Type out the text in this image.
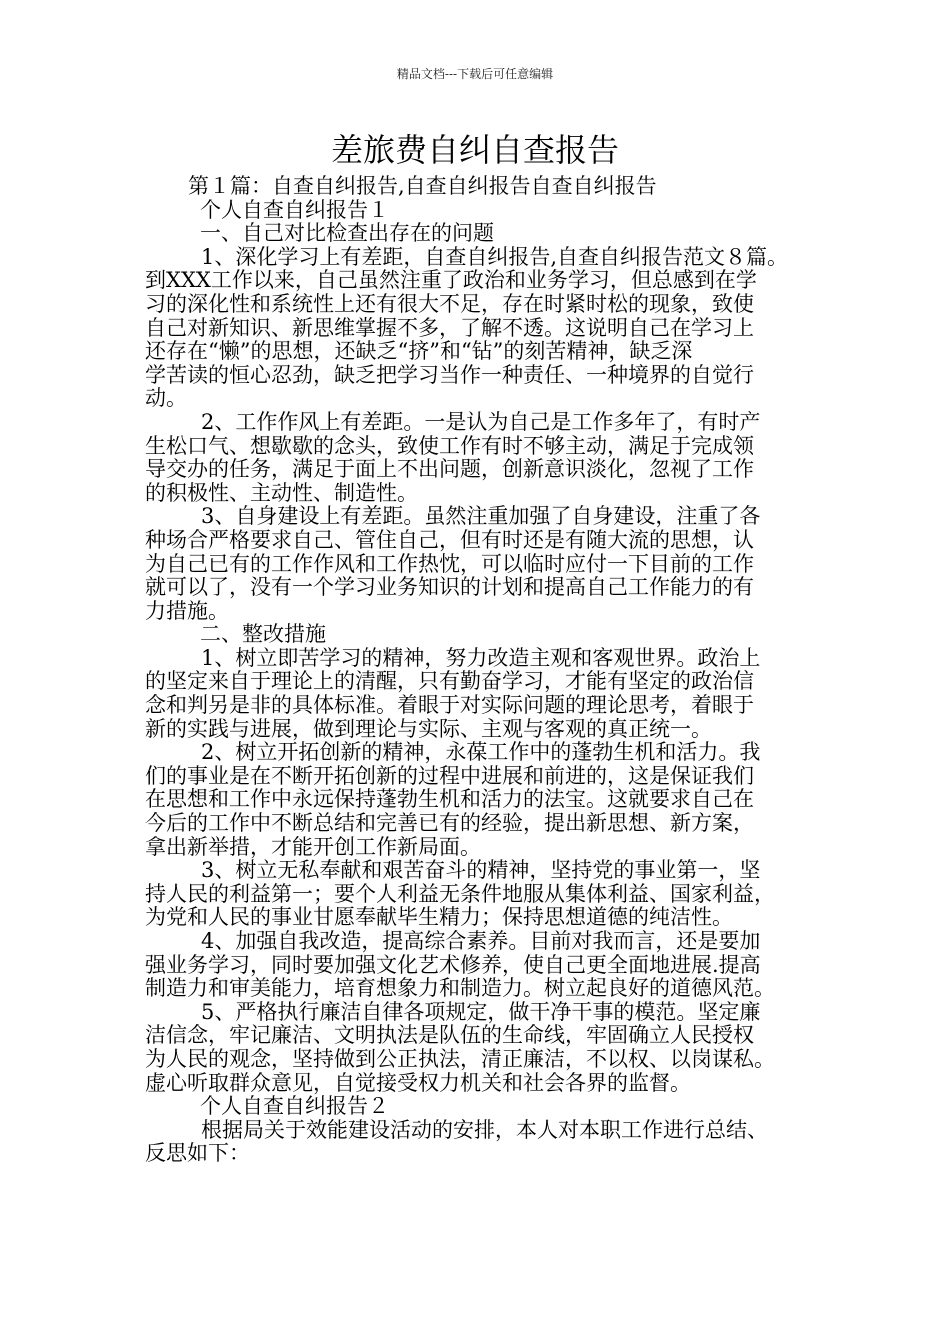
精品文档---下载后可任意编辑
差旅费自纠自查报告

第１篇：自查自纠报告,自查自纠报告自查自纠报告

个人自查自纠报告１

一、自己对比检查出存在的问题

1、深化学习上有差距，自查自纠报告,自查自纠报告范文８篇。

到XXX工作以来，自己虽然注重了政治和业务学习，但总感到在学

习的深化性和系统性上还有很大不足，存在时紧时松的现象，致使

自己对新知识、新思维掌握不多，了解不透。这说明自己在学习上

还存在“懒”的思想，还缺乏“挤”和“钻”的刻苦精神，缺乏深

学苦读的恒心忍劲，缺乏把学习当作一种责任、一种境界的自觉行

动。

2、工作作风上有差距。一是认为自己是工作多年了，有时产

生松口气、想歇歇的念头，致使工作有时不够主动，满足于完成领

导交办的任务，满足于面上不出问题，创新意识淡化，忽视了工作

的积极性、主动性、制造性。

3、自身建设上有差距。虽然注重加强了自身建设，注重了各

种场合严格要求自己、管住自己，但有时还是有随大流的思想，认

为自己已有的工作作风和工作热忱，可以临时应付一下目前的工作

就可以了，没有一个学习业务知识的计划和提高自己工作能力的有

力措施。

二、整改措施

1、树立即苦学习的精神，努力改造主观和客观世界。政治上

的坚定来自于理论上的清醒，只有勤奋学习，才能有坚定的政治信

念和判另是非的具体标准。着眼于对实际问题的理论思考，着眼于

新的实践与进展，做到理论与实际、主观与客观的真正统一。

2、树立开拓创新的精神，永葆工作中的蓬勃生机和活力。我

们的事业是在不断开拓创新的过程中进展和前进的，这是保证我们

在思想和工作中永远保持蓬勃生机和活力的法宝。这就要求自己在

今后的工作中不断总结和完善已有的经验，提出新思想、新方案，

拿出新举措，才能开创工作新局面。

3、树立无私奉献和艰苦奋斗的精神，坚持党的事业第一，坚

持人民的利益第一；要个人利益无条件地服从集体利益、国家利益，

为党和人民的事业甘愿奉献毕生精力；保持思想道德的纯洁性。

4、加强自我改造，提高综合素养。目前对我而言，还是要加

强业务学习，同时要加强文化艺术修养，使自己更全面地进展.提高

制造力和审美能力，培育想象力和制造力。树立起良好的道德风范。

5、严格执行廉洁自律各项规定，做干净干事的模范。坚定廉

洁信念，牢记廉洁、文明执法是队伍的生命线，牢固确立人民授权

为人民的观念，坚持做到公正执法，清正廉洁，不以权、以岗谋私。

虚心听取群众意见，自觉接受权力机关和社会各界的监督。

个人自查自纠报告２

根据局关于效能建设活动的安排，本人对本职工作进行总结、

反思如下：
